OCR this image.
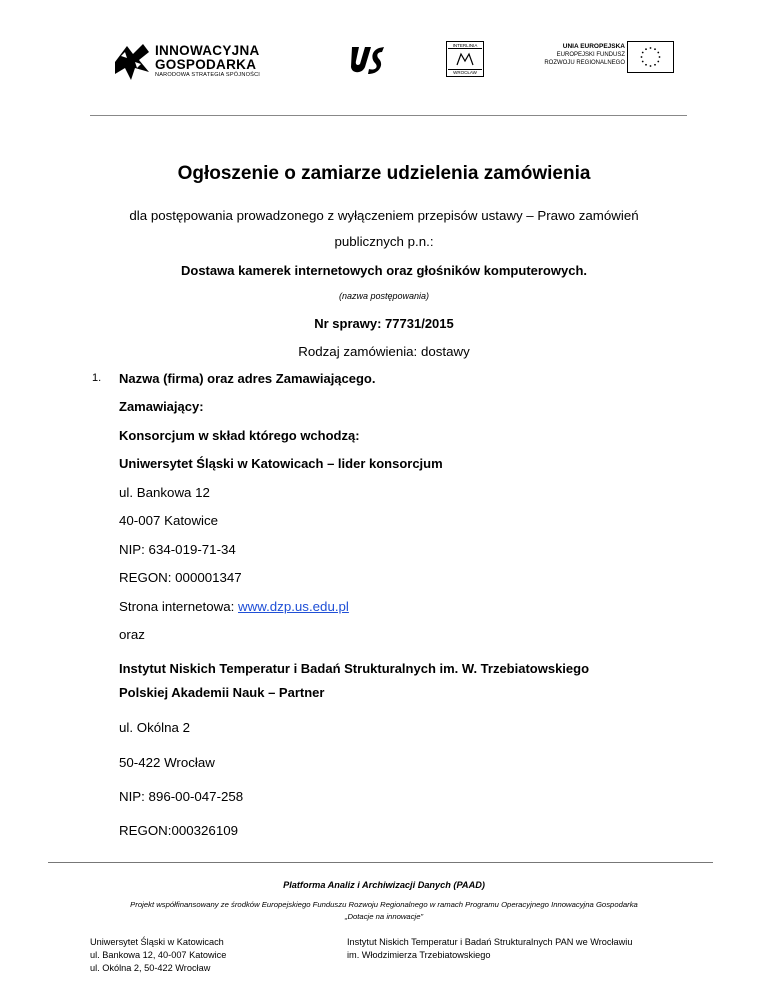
INNOWACYJNA
GOSPODARKA
NARODOWA STRATEGIA SPÓJNOŚCI
INTERLINIA
WROCŁAW
UNIA EUROPEJSKA
EUROPEJSKI FUNDUSZ
ROZWOJU REGIONALNEGO
Ogłoszenie o zamiarze udzielenia zamówienia
dla postępowania prowadzonego z wyłączeniem przepisów ustawy – Prawo zamówień
publicznych p.n.:
Dostawa kamerek internetowych oraz głośników komputerowych.
(nazwa postępowania)
Nr sprawy: 77731/2015
Rodzaj zamówienia: dostawy
1. Nazwa (firma) oraz adres Zamawiającego.
Zamawiający:
Konsorcjum w skład którego wchodzą:
Uniwersytet Śląski w Katowicach – lider konsorcjum
ul. Bankowa 12
40-007 Katowice
NIP: 634-019-71-34
REGON: 000001347
Strona internetowa: www.dzp.us.edu.pl
oraz
Instytut Niskich Temperatur i Badań Strukturalnych im. W. Trzebiatowskiego
Polskiej Akademii Nauk – Partner
ul. Okólna 2
50-422 Wrocław
NIP: 896-00-047-258
REGON:000326109
Platforma Analiz i Archiwizacji Danych (PAAD)
Projekt współfinansowany ze środków Europejskiego Funduszu Rozwoju Regionalnego w ramach Programu Operacyjnego Innowacyjna Gospodarka
„Dotacje na innowacje”
Uniwersytet Śląski w Katowicach
ul. Bankowa 12, 40-007 Katowice
ul. Okólna 2, 50-422 Wrocław
Instytut Niskich Temperatur i Badań Strukturalnych PAN we Wrocławiu
im. Włodzimierza Trzebiatowskiego
